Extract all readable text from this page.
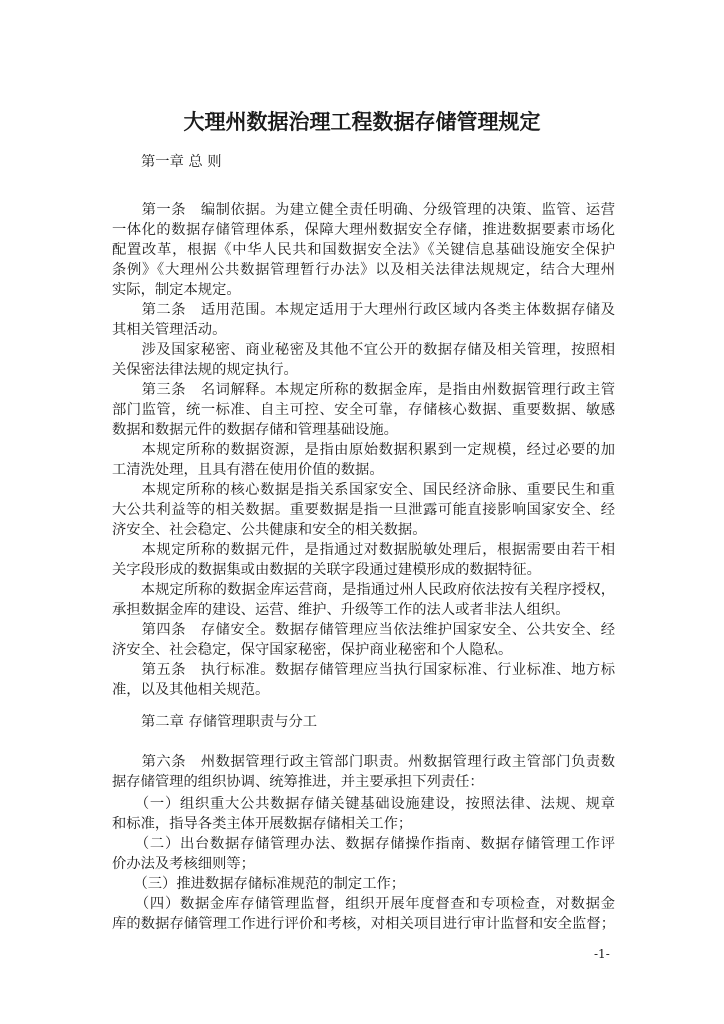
大理州数据治理工程数据存储管理规定
第一章 总 则
　　第一条　编制依据。为建立健全责任明确、分级管理的决策、监管、运营
一体化的数据存储管理体系，保障大理州数据安全存储，推进数据要素市场化
配置改革，根据《中华人民共和国数据安全法》《关键信息基础设施安全保护
条例》《大理州公共数据管理暂行办法》以及相关法律法规规定，结合大理州
实际，制定本规定。
　　第二条　适用范围。本规定适用于大理州行政区域内各类主体数据存储及
其相关管理活动。
　　涉及国家秘密、商业秘密及其他不宜公开的数据存储及相关管理，按照相
关保密法律法规的规定执行。
　　第三条　名词解释。本规定所称的数据金库，是指由州数据管理行政主管
部门监管，统一标准、自主可控、安全可靠，存储核心数据、重要数据、敏感
数据和数据元件的数据存储和管理基础设施。
　　本规定所称的数据资源，是指由原始数据积累到一定规模，经过必要的加
工清洗处理，且具有潜在使用价值的数据。
　　本规定所称的核心数据是指关系国家安全、国民经济命脉、重要民生和重
大公共利益等的相关数据。重要数据是指一旦泄露可能直接影响国家安全、经
济安全、社会稳定、公共健康和安全的相关数据。
　　本规定所称的数据元件，是指通过对数据脱敏处理后，根据需要由若干相
关字段形成的数据集或由数据的关联字段通过建模形成的数据特征。
　　本规定所称的数据金库运营商，是指通过州人民政府依法按有关程序授权，
承担数据金库的建设、运营、维护、升级等工作的法人或者非法人组织。
　　第四条　存储安全。数据存储管理应当依法维护国家安全、公共安全、经
济安全、社会稳定，保守国家秘密，保护商业秘密和个人隐私。
　　第五条　执行标准。数据存储管理应当执行国家标准、行业标准、地方标
准，以及其他相关规范。
第二章 存储管理职责与分工
　　第六条　州数据管理行政主管部门职责。州数据管理行政主管部门负责数
据存储管理的组织协调、统筹推进，并主要承担下列责任：
　　（一）组织重大公共数据存储关键基础设施建设，按照法律、法规、规章
和标准，指导各类主体开展数据存储相关工作；
　　（二）出台数据存储管理办法、数据存储操作指南、数据存储管理工作评
价办法及考核细则等；
　　（三）推进数据存储标准规范的制定工作；
　　（四）数据金库存储管理监督，组织开展年度督查和专项检查，对数据金
库的数据存储管理工作进行评价和考核，对相关项目进行审计监督和安全监督；
-1-
